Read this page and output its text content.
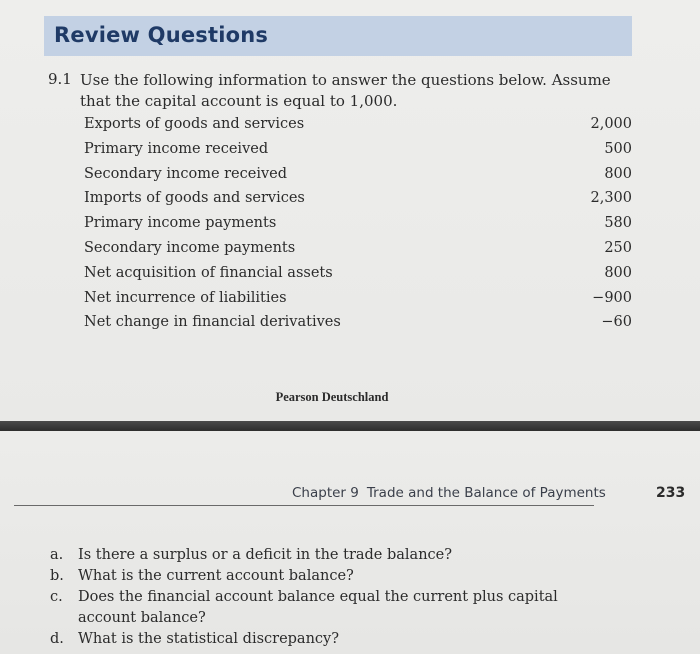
Review Questions
9.1 Use the following information to answer the questions below. Assume that the capital account is equal to 1,000.
Exports of goods and services	2,000
Primary income received	500
Secondary income received	800
Imports of goods and services	2,300
Primary income payments	580
Secondary income payments	250
Net acquisition of financial assets	800
Net incurrence of liabilities	−900
Net change in financial derivatives	−60
Pearson Deutschland
Chapter 9 Trade and the Balance of Payments	233
a. Is there a surplus or a deficit in the trade balance?
b. What is the current account balance?
c. Does the financial account balance equal the current plus capital account balance?
d. What is the statistical discrepancy?
